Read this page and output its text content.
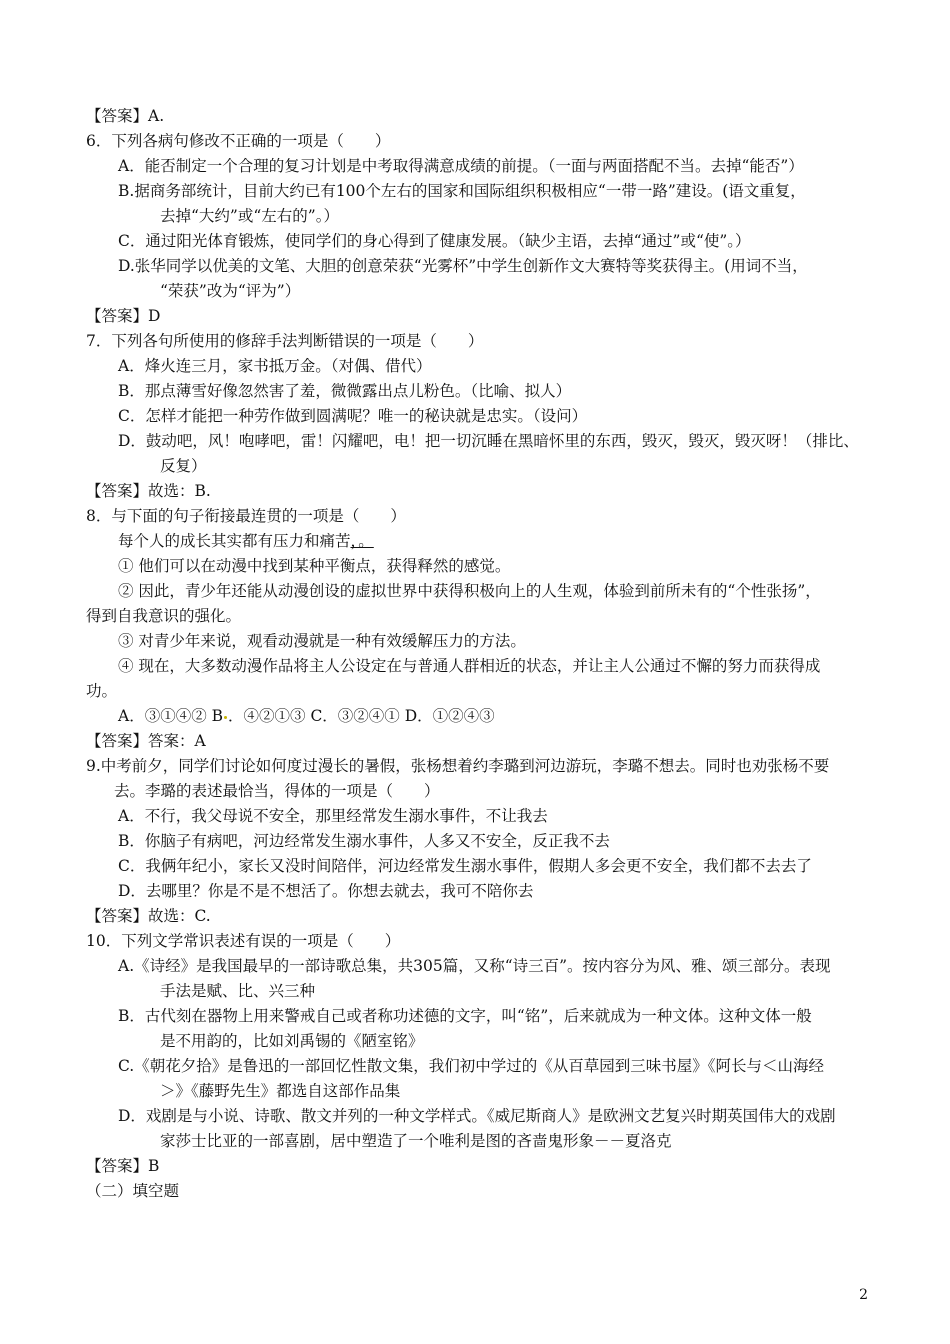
【答案】A.
6．下列各病句修改不正确的一项是（　　）
A．能否制定一个合理的复习计划是中考取得满意成绩的前提。（一面与两面搭配不当。去掉“能否”）
B.据商务部统计，目前大约已有100个左右的国家和国际组织积极相应“一带一路”建设。(语文重复，
去掉“大约”或“左右的”。）
C．通过阳光体育锻炼，使同学们的身心得到了健康发展。（缺少主语，去掉“通过”或“使”。）
D.张华同学以优美的文笔、大胆的创意荣获“光雾杯”中学生创新作文大赛特等奖获得主。(用词不当，
“荣获”改为“评为”）
【答案】D
7．下列各句所使用的修辞手法判断错误的一项是（　　）
A．烽火连三月，家书抵万金。（对偶、借代）
B．那点薄雪好像忽然害了羞，微微露出点儿粉色。（比喻、拟人）
C．怎样才能把一种劳作做到圆满呢？唯一的秘诀就是忠实。（设问）
D．鼓动吧，风！咆哮吧，雷！闪耀吧，电！把一切沉睡在黑暗怀里的东西，毁灭，毁灭，毁灭呀！（排比、
反复）
【答案】故选：B.
8．与下面的句子衔接最连贯的一项是（　　）
每个人的成长其实都有压力和痛苦，。
① 他们可以在动漫中找到某种平衡点，获得释然的感觉。
② 因此，青少年还能从动漫创设的虚拟世界中获得积极向上的人生观，体验到前所未有的“个性张扬”，
得到自我意识的强化。
③ 对青少年来说，观看动漫就是一种有效缓解压力的方法。
④ 现在，大多数动漫作品将主人公设定在与普通人群相近的状态，并让主人公通过不懈的努力而获得成
功。
A．③①④② B ．④②①③ C．③②④① D．①②④③
【答案】答案：A
9.中考前夕，同学们讨论如何度过漫长的暑假，张杨想着约李璐到河边游玩，李璐不想去。同时也劝张杨不要
去。李璐的表述最恰当，得体的一项是（　　）
A．不行，我父母说不安全，那里经常发生溺水事件，不让我去
B．你脑子有病吧，河边经常发生溺水事件，人多又不安全，反正我不去
C．我俩年纪小，家长又没时间陪伴，河边经常发生溺水事件，假期人多会更不安全，我们都不去去了
D．去哪里？你是不是不想活了。你想去就去，我可不陪你去
【答案】故选：C.
10．下列文学常识表述有误的一项是（　　）
A.《诗经》是我国最早的一部诗歌总集，共305篇，又称“诗三百”。按内容分为风、雅、颂三部分。表现
手法是赋、比、兴三种
B．古代刻在器物上用来警戒自己或者称功述德的文字，叫“铭”，后来就成为一种文体。这种文体一般
是不用韵的，比如刘禹锡的《陋室铭》
C.《朝花夕拾》是鲁迅的一部回忆性散文集，我们初中学过的《从百草园到三味书屋》《阿长与＜山海经
＞》《藤野先生》都选自这部作品集
D．戏剧是与小说、诗歌、散文并列的一种文学样式。《威尼斯商人》是欧洲文艺复兴时期英国伟大的戏剧
家莎士比亚的一部喜剧，居中塑造了一个唯利是图的吝啬鬼形象－－夏洛克
【答案】B
（二）填空题
2
